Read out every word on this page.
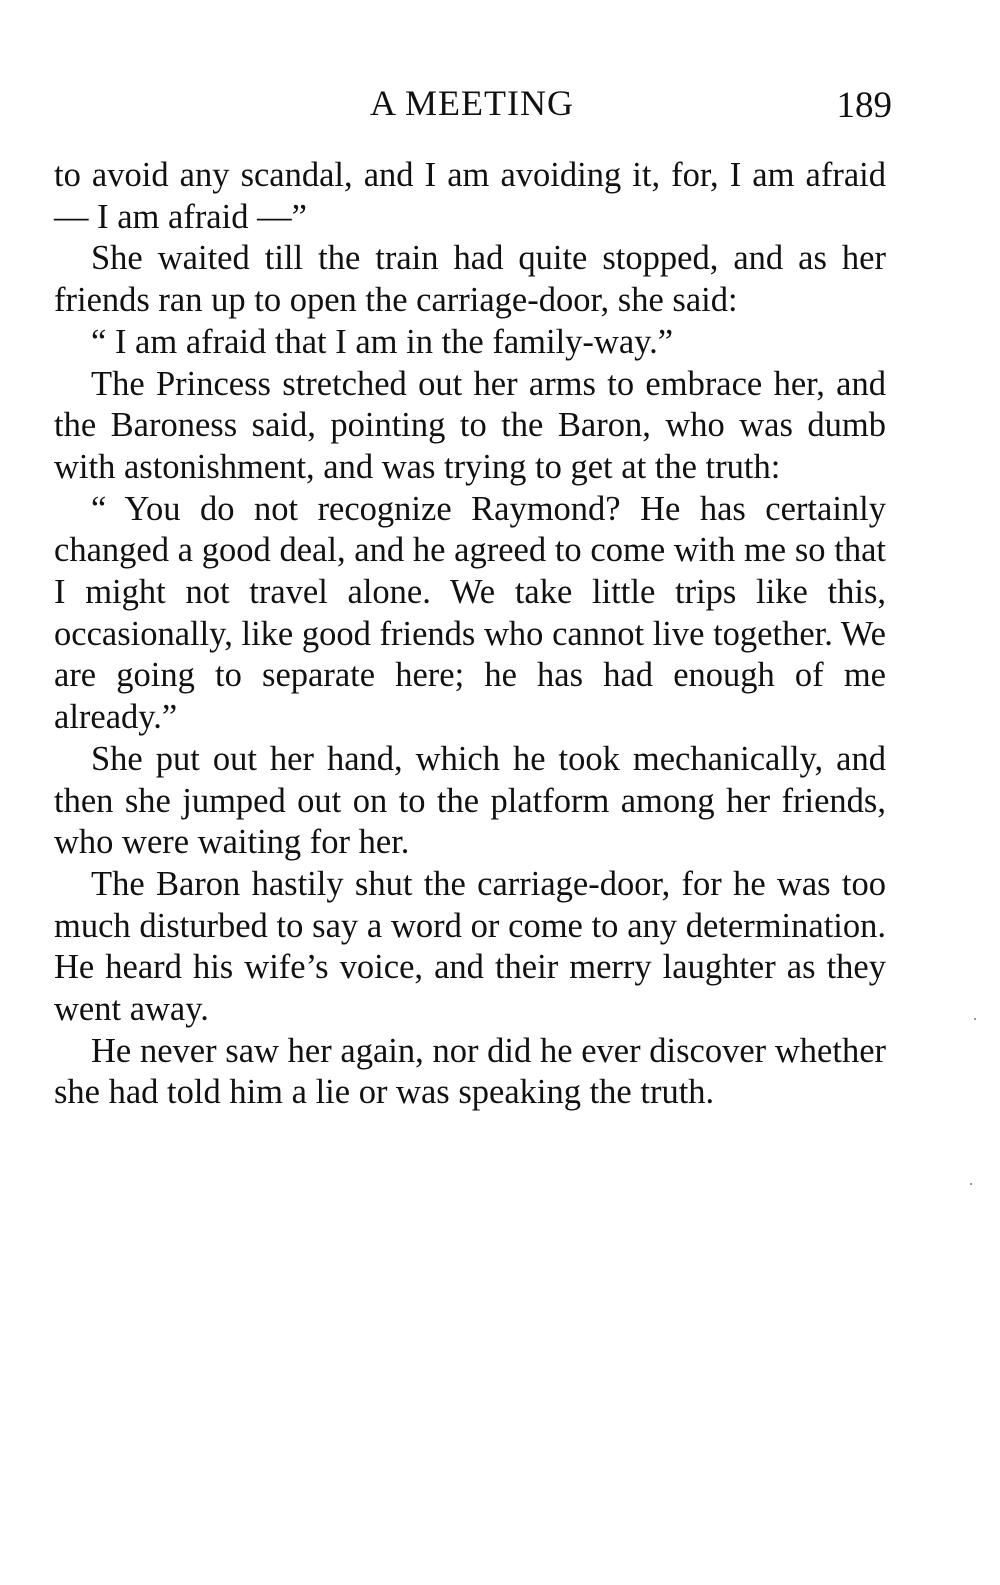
A MEETING	189

to avoid any scandal, and I am avoiding it, for, I am afraid — I am afraid —”

She waited till the train had quite stopped, and as her friends ran up to open the carriage-door, she said:

“ I am afraid that I am in the family-way.”

The Princess stretched out her arms to embrace her, and the Baroness said, pointing to the Baron, who was dumb with astonishment, and was trying to get at the truth:

“ You do not recognize Raymond? He has certainly changed a good deal, and he agreed to come with me so that I might not travel alone. We take little trips like this, occasionally, like good friends who cannot live together. We are going to separate here; he has had enough of me already.”

She put out her hand, which he took mechanically, and then she jumped out on to the platform among her friends, who were waiting for her.

The Baron hastily shut the carriage-door, for he was too much disturbed to say a word or come to any determination. He heard his wife’s voice, and their merry laughter as they went away.

He never saw her again, nor did he ever discover whether she had told him a lie or was speaking the truth.
